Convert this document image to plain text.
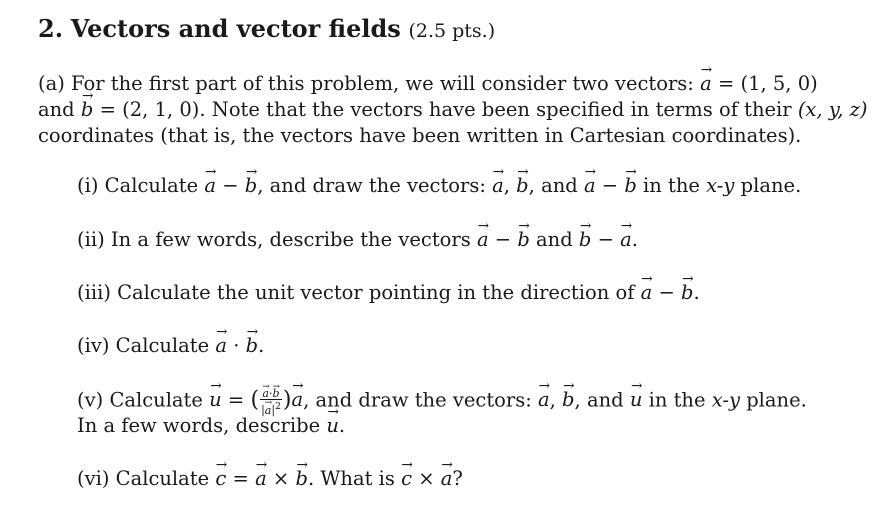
2. Vectors and vector fields (2.5 pts.)
(a) For the first part of this problem, we will consider two vectors: → a = (1, 5, 0)
and → b = (2, 1, 0). Note that the vectors have been specified in terms of their (x, y, z)
coordinates (that is, the vectors have been written in Cartesian coordinates).
(i) Calculate → a − → b, and draw the vectors: → a, → b, and → a − → b in the x-y plane.
(ii) In a few words, describe the vectors → a − → b and → b − → a.
(iii) Calculate the unit vector pointing in the direction of → a − → b.
(iv) Calculate → a · → b.
(v) Calculate → u = ( → $\frac{a\cdot\to b}{|\to a|^2}$ )→ a, and draw the vectors: → a, → b, and → u in the x-y plane.
In a few words, describe → u.
(vi) Calculate → c = → a × → b. What is → c × → a?
